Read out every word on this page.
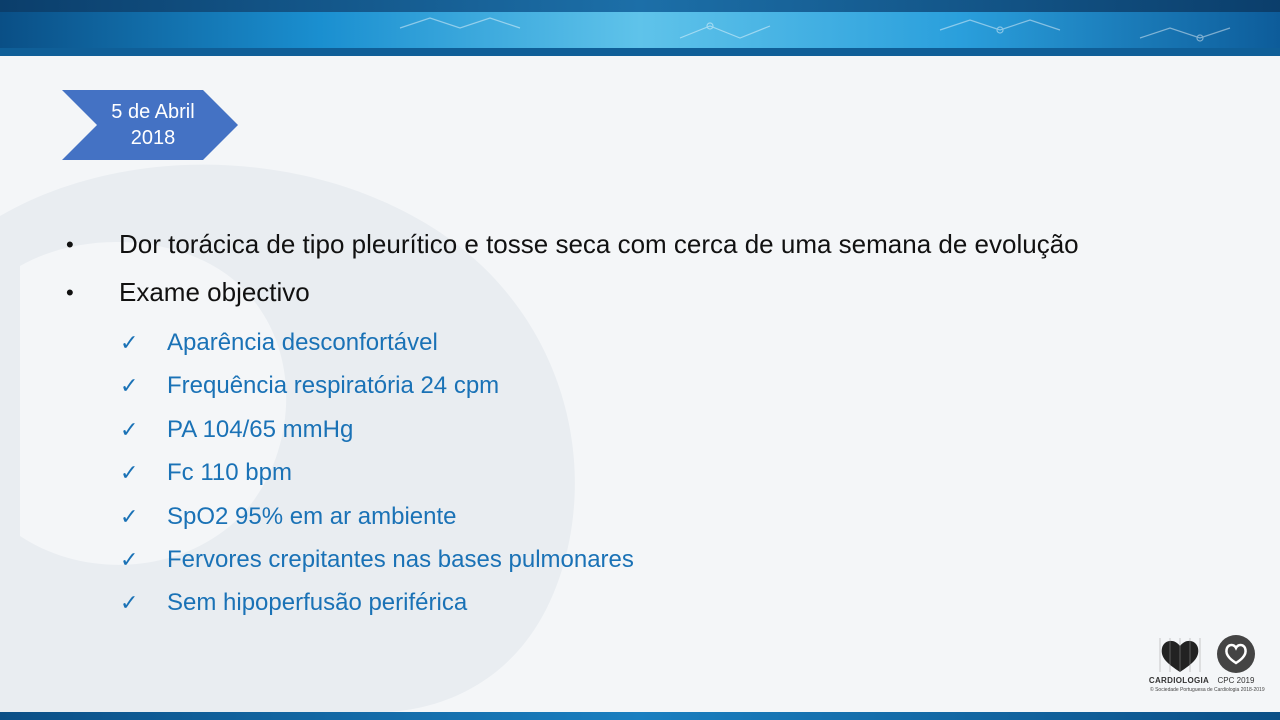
5 de Abril
2018
• Dor torácica de tipo pleurítico e tosse seca com cerca de uma semana de evolução
• Exame objectivo
✓ Aparência desconfortável
✓ Frequência respiratória 24 cpm
✓ PA 104/65 mmHg
✓ Fc 110 bpm
✓ SpO2 95% em ar ambiente
✓ Fervores crepitantes nas bases pulmonares
✓ Sem hipoperfusão periférica
CARDIOLOGIA	CPC 2019
© Sociedade Portuguesa de Cardiologia 2018-2019
